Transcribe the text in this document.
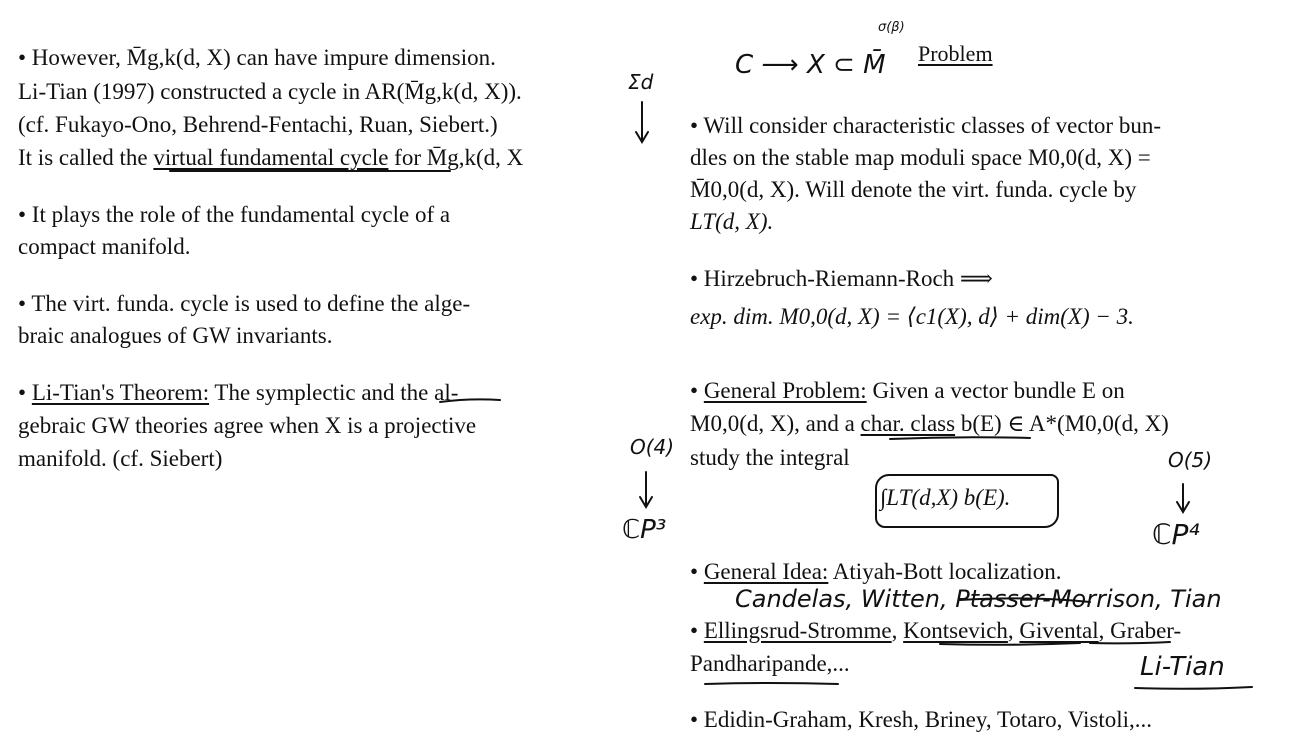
• However, M̄g,k(d, X) can have impure dimension.
Li-Tian (1997) constructed a cycle in AR(M̄g,k(d, X)).
(cf. Fukayo-Ono, Behrend-Fentachi, Ruan, Siebert.)
It is called the virtual fundamental cycle for M̄g,k(d, X
• It plays the role of the fundamental cycle of a
compact manifold.
• The virt. funda. cycle is used to define the alge-
braic analogues of GW invariants.
• Li-Tian's Theorem: The symplectic and the al-
gebraic GW theories agree when X is a projective
manifold. (cf. Siebert)
C ⟶ X ⊂ M̄
σ(β)
Problem
• Will consider characteristic classes of vector bun-
dles on the stable map moduli space M0,0(d, X) =
M̄0,0(d, X). Will denote the virt. funda. cycle by
LT(d, X).
• Hirzebruch-Riemann-Roch ⟹
exp. dim. M0,0(d, X) = ⟨c1(X), d⟩ + dim(X) − 3.
• General Problem: Given a vector bundle E on
M0,0(d, X), and a char. class b(E) ∈ A*(M0,0(d, X)
study the integral
• General Idea: Atiyah-Bott localization.
• Ellingsrud-Stromme, Kontsevich, Givental, Graber-
Pandharipande,...
• Edidin-Graham, Kresh, Briney, Totaro, Vistoli,...
∫LT(d,X) b(E).
Candelas, Witten, Ptasser-Morrison, Tian
Li-Tian
Σd
O(4)
ℂP³
O(5)
ℂP⁴
